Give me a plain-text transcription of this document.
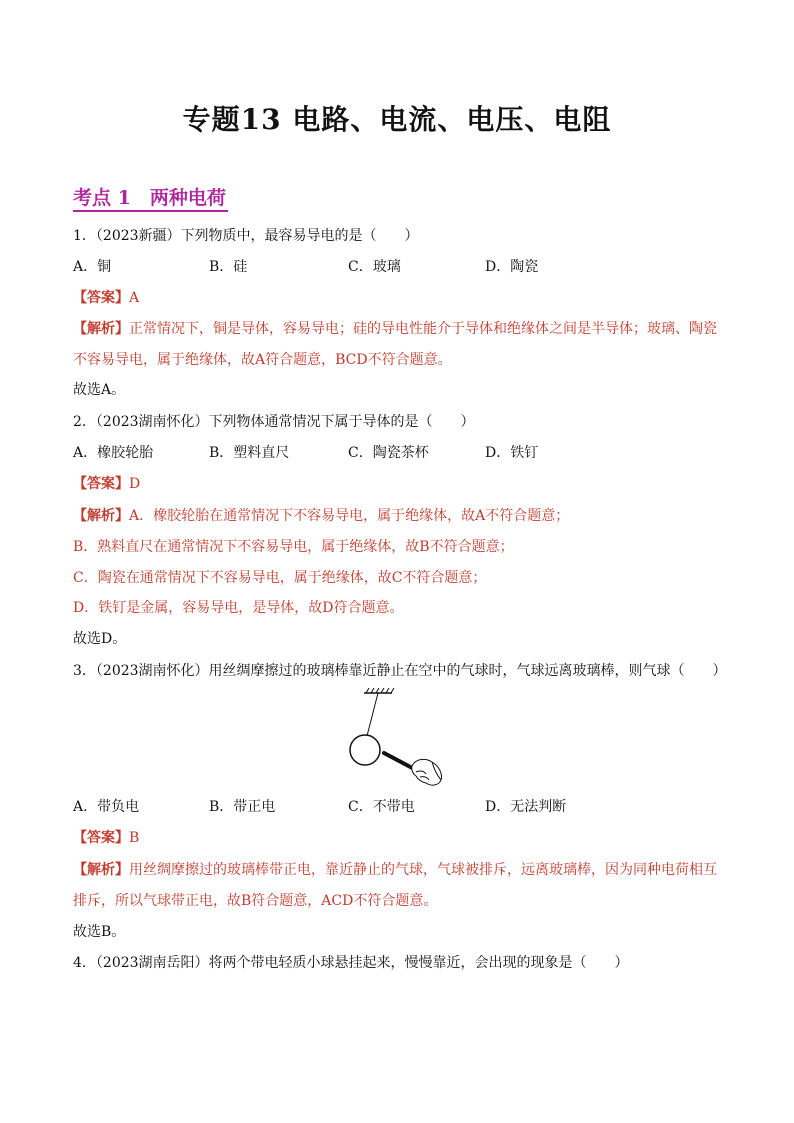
专题13 电路、电流、电压、电阻
考点 1　两种电荷
1．（2023新疆）下列物质中，最容易导电的是（　　）
A．铜	B．硅	C．玻璃	D．陶瓷
【答案】A
【解析】正常情况下，铜是导体，容易导电；硅的导电性能介于导体和绝缘体之间是半导体；玻璃、陶瓷
不容易导电，属于绝缘体，故A符合题意，BCD不符合题意。
故选A。
2．（2023湖南怀化）下列物体通常情况下属于导体的是（　　）
A．橡胶轮胎	B．塑料直尺	C．陶瓷茶杯	D．铁钉
【答案】D
【解析】A．橡胶轮胎在通常情况下不容易导电，属于绝缘体，故A不符合题意；
B．熟料直尺在通常情况下不容易导电，属于绝缘体，故B不符合题意；
C．陶瓷在通常情况下不容易导电，属于绝缘体，故C不符合题意；
D．铁钉是金属，容易导电，是导体，故D符合题意。
故选D。
3．（2023湖南怀化）用丝绸摩擦过的玻璃棒靠近静止在空中的气球时，气球远离玻璃棒，则气球（　　）
A．带负电	B．带正电	C．不带电	D．无法判断
【答案】B
【解析】用丝绸摩擦过的玻璃棒带正电，靠近静止的气球，气球被排斥，远离玻璃棒，因为同种电荷相互
排斥，所以气球带正电，故B符合题意，ACD不符合题意。
故选B。
4．（2023湖南岳阳）将两个带电轻质小球悬挂起来，慢慢靠近，会出现的现象是（　　）
